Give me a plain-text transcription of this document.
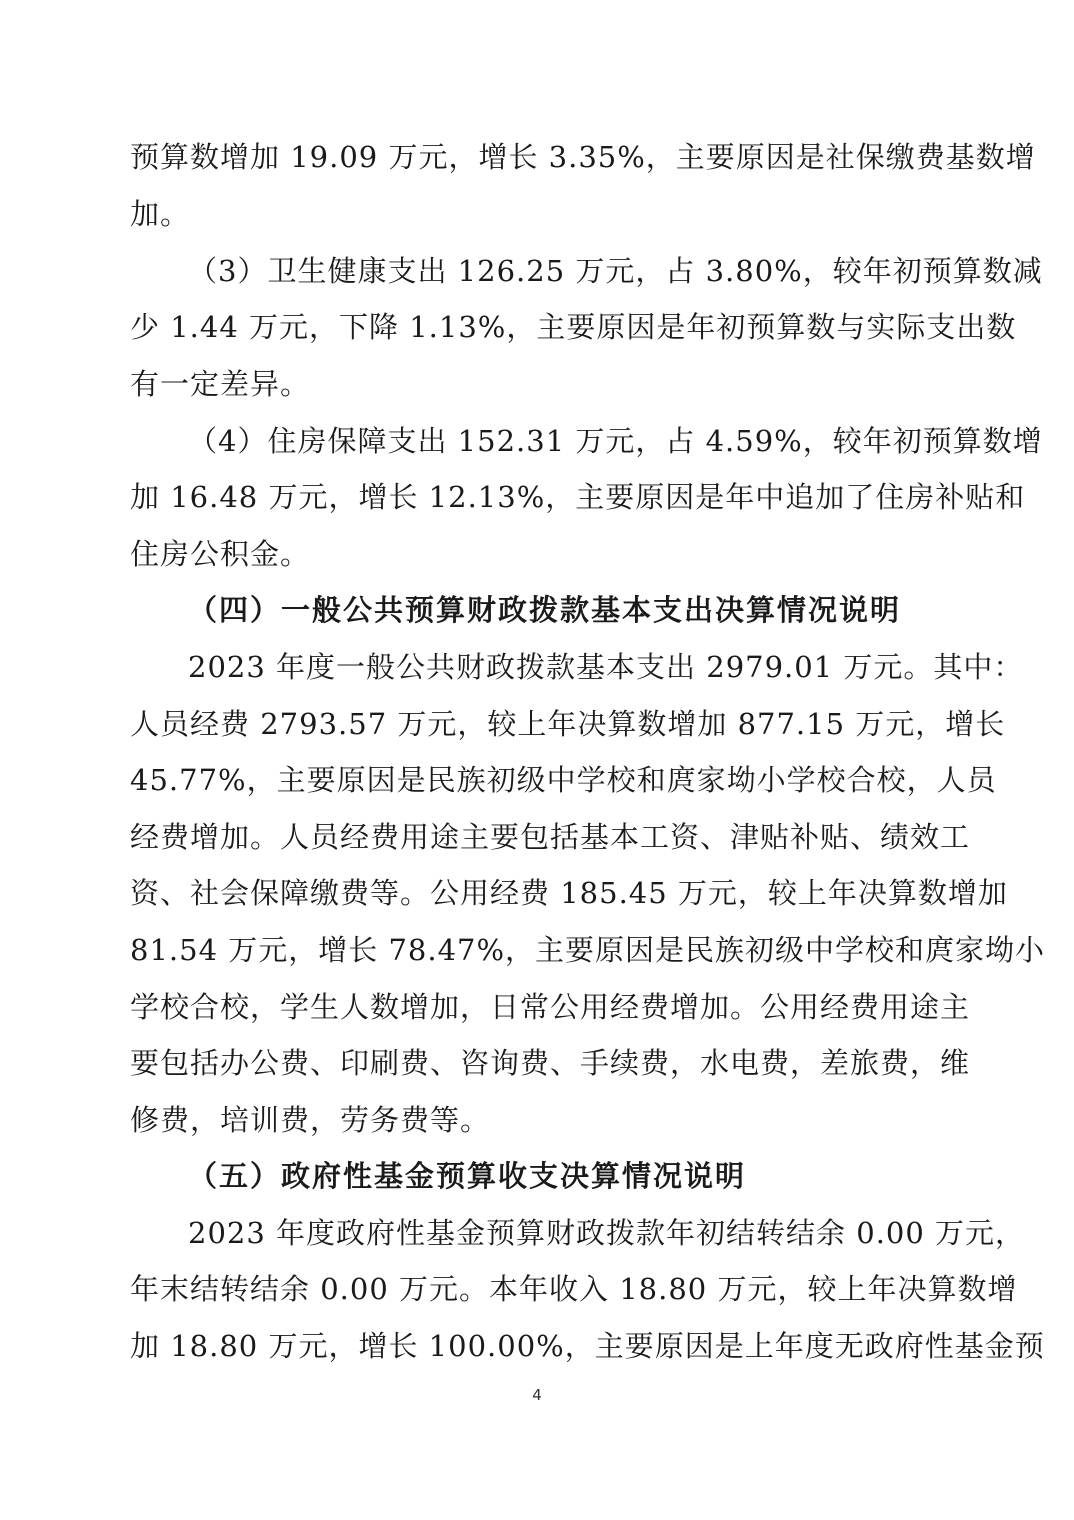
预算数增加 19.09 万元，增长 3.35%，主要原因是社保缴费基数增
加。
（3）卫生健康支出 126.25 万元，占 3.80%，较年初预算数减
少 1.44 万元，下降 1.13%，主要原因是年初预算数与实际支出数
有一定差异。
（4）住房保障支出 152.31 万元，占 4.59%，较年初预算数增
加 16.48 万元，增长 12.13%，主要原因是年中追加了住房补贴和
住房公积金。
（四）一般公共预算财政拨款基本支出决算情况说明
2023 年度一般公共财政拨款基本支出 2979.01 万元。其中：
人员经费 2793.57 万元，较上年决算数增加 877.15 万元，增长
45.77%，主要原因是民族初级中学校和庹家坳小学校合校，人员
经费增加。人员经费用途主要包括基本工资、津贴补贴、绩效工
资、社会保障缴费等。公用经费 185.45 万元，较上年决算数增加
81.54 万元，增长 78.47%，主要原因是民族初级中学校和庹家坳小
学校合校，学生人数增加，日常公用经费增加。公用经费用途主
要包括办公费、印刷费、咨询费、手续费，水电费，差旅费，维
修费，培训费，劳务费等。
（五）政府性基金预算收支决算情况说明
2023 年度政府性基金预算财政拨款年初结转结余 0.00 万元，
年末结转结余 0.00 万元。本年收入 18.80 万元，较上年决算数增
加 18.80 万元，增长 100.00%，主要原因是上年度无政府性基金预
4
